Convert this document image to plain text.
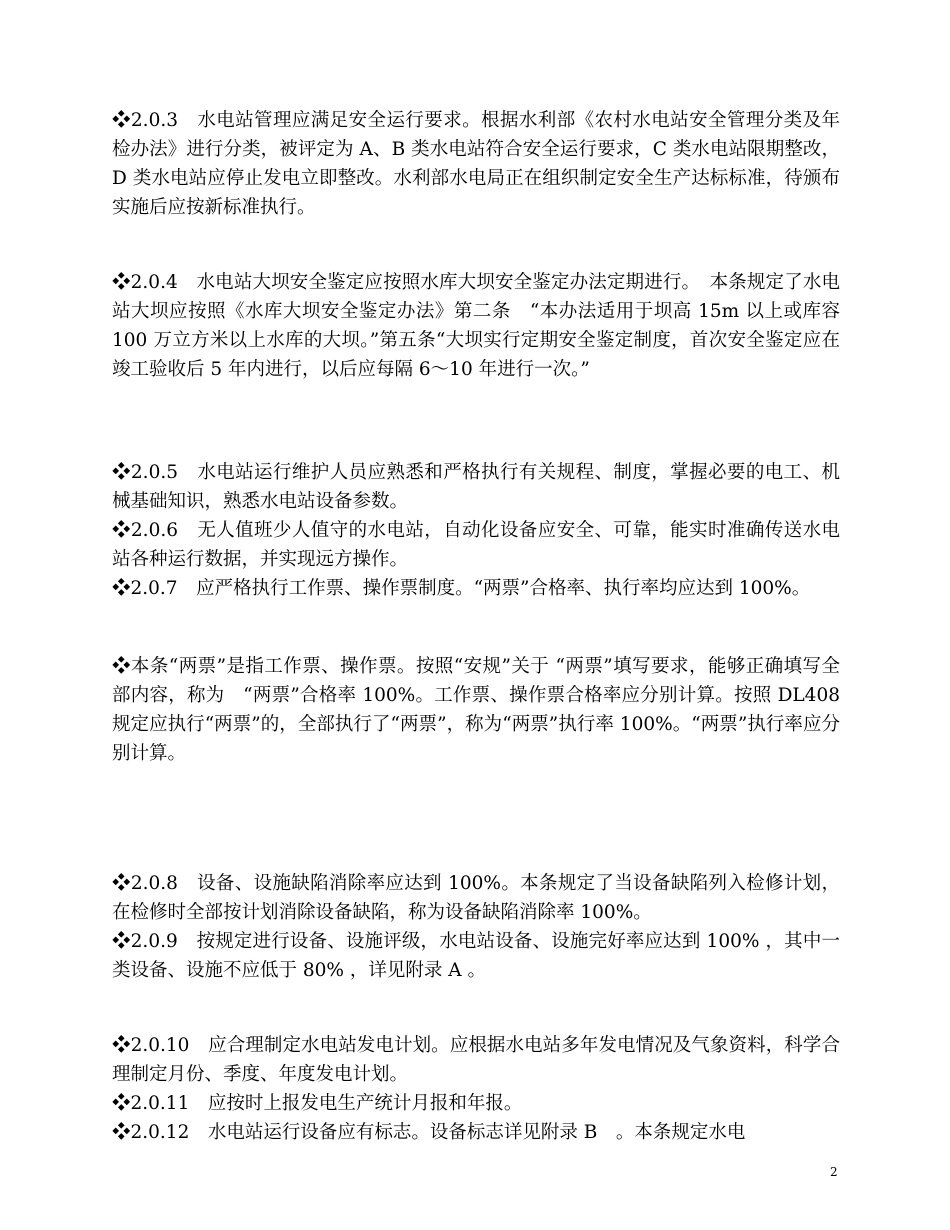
❖2.0.3　水电站管理应满足安全运行要求。根据水利部《农村水电站安全管理分类及年检办法》进行分类，被评定为 A、B 类水电站符合安全运行要求，C 类水电站限期整改，D 类水电站应停止发电立即整改。水利部水电局正在组织制定安全生产达标标准，待颁布实施后应按新标准执行。

❖2.0.4　水电站大坝安全鉴定应按照水库大坝安全鉴定办法定期进行。　本条规定了水电站大坝应按照《水库大坝安全鉴定办法》第二条　“本办法适用于坝高 15m 以上或库容 100 万立方米以上水库的大坝。”第五条“大坝实行定期安全鉴定制度，首次安全鉴定应在竣工验收后 5 年内进行，以后应每隔 6～10 年进行一次。”

❖2.0.5　水电站运行维护人员应熟悉和严格执行有关规程、制度，掌握必要的电工、机械基础知识，熟悉水电站设备参数。

❖2.0.6　无人值班少人值守的水电站，自动化设备应安全、可靠，能实时准确传送水电站各种运行数据，并实现远方操作。

❖2.0.7　应严格执行工作票、操作票制度。“两票”合格率、执行率均应达到 100%。

❖本条“两票”是指工作票、操作票。按照“安规”关于 “两票”填写要求，能够正确填写全部内容，称为　“两票”合格率 100%。工作票、操作票合格率应分别计算。按照 DL408 规定应执行“两票”的，全部执行了“两票”，称为“两票”执行率 100%。“两票”执行率应分别计算。

❖2.0.8　设备、设施缺陷消除率应达到 100%。本条规定了当设备缺陷列入检修计划，在检修时全部按计划消除设备缺陷，称为设备缺陷消除率 100%。

❖2.0.9　按规定进行设备、设施评级，水电站设备、设施完好率应达到 100% ，其中一类设备、设施不应低于 80% ，详见附录 A 。

❖2.0.10　应合理制定水电站发电计划。应根据水电站多年发电情况及气象资料，科学合理制定月份、季度、年度发电计划。

❖2.0.11　应按时上报发电生产统计月报和年报。

❖2.0.12　水电站运行设备应有标志。设备标志详见附录 B　。本条规定水电

2
